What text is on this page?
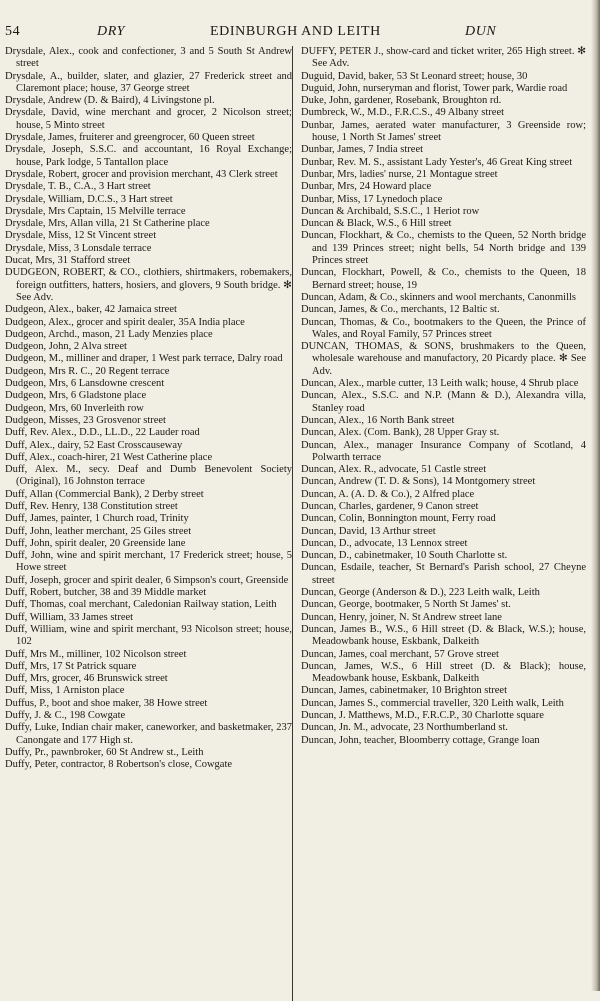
54	DRY	EDINBURGH AND LEITH	DUN

Drysdale, Alex., cook and confectioner, 3 and 5 South St Andrew street

Drysdale, A., builder, slater, and glazier, 27 Frederick street and Claremont place; house, 37 George street

Drysdale, Andrew (D. & Baird), 4 Livingstone pl.

Drysdale, David, wine merchant and grocer, 2 Nicolson street; house, 5 Minto street

Drysdale, James, fruiterer and greengrocer, 60 Queen street

Drysdale, Joseph, S.S.C. and accountant, 16 Royal Exchange; house, Park lodge, 5 Tantallon place

Drysdale, Robert, grocer and provision merchant, 43 Clerk street

Drysdale, T. B., C.A., 3 Hart street

Drysdale, William, D.C.S., 3 Hart street

Drysdale, Mrs Captain, 15 Melville terrace

Drysdale, Mrs, Allan villa, 21 St Catherine place

Drysdale, Miss, 12 St Vincent street

Drysdale, Miss, 3 Lonsdale terrace

Ducat, Mrs, 31 Stafford street

DUDGEON, ROBERT, & CO., clothiers, shirtmakers, robemakers, foreign outfitters, hatters, hosiers, and glovers, 9 South bridge. ✻ See Adv.

Dudgeon, Alex., baker, 42 Jamaica street

Dudgeon, Alex., grocer and spirit dealer, 35A India place

Dudgeon, Archd., mason, 21 Lady Menzies place

Dudgeon, John, 2 Alva street

Dudgeon, M., milliner and draper, 1 West park terrace, Dalry road

Dudgeon, Mrs R. C., 20 Regent terrace

Dudgeon, Mrs, 6 Lansdowne crescent

Dudgeon, Mrs, 6 Gladstone place

Dudgeon, Mrs, 60 Inverleith row

Dudgeon, Misses, 23 Grosvenor street

Duff, Rev. Alex., D.D., LL.D., 22 Lauder road

Duff, Alex., dairy, 52 East Crosscauseway

Duff, Alex., coach-hirer, 21 West Catherine place

Duff, Alex. M., secy. Deaf and Dumb Benevolent Society (Original), 16 Johnston terrace

Duff, Allan (Commercial Bank), 2 Derby street

Duff, Rev. Henry, 138 Constitution street

Duff, James, painter, 1 Church road, Trinity

Duff, John, leather merchant, 25 Giles street

Duff, John, spirit dealer, 20 Greenside lane

Duff, John, wine and spirit merchant, 17 Frederick street; house, 5 Howe street

Duff, Joseph, grocer and spirit dealer, 6 Simpson's court, Greenside

Duff, Robert, butcher, 38 and 39 Middle market

Duff, Thomas, coal merchant, Caledonian Railway station, Leith

Duff, William, 33 James street

Duff, William, wine and spirit merchant, 93 Nicolson street; house, 102

Duff, Mrs M., milliner, 102 Nicolson street

Duff, Mrs, 17 St Patrick square

Duff, Mrs, grocer, 46 Brunswick street

Duff, Miss, 1 Arniston place

Duffus, P., boot and shoe maker, 38 Howe street

Duffy, J. & C., 198 Cowgate

Duffy, Luke, Indian chair maker, caneworker, and basketmaker, 237 Canongate and 177 High st.

Duffy, Pr., pawnbroker, 60 St Andrew st., Leith

Duffy, Peter, contractor, 8 Robertson's close, Cowgate

DUFFY, PETER J., show-card and ticket writer, 265 High street. ✻ See Adv.

Duguid, David, baker, 53 St Leonard street; house, 30

Duguid, John, nurseryman and florist, Tower park, Wardie road

Duke, John, gardener, Rosebank, Broughton rd.

Dumbreck, W., M.D., F.R.C.S., 49 Albany street

Dunbar, James, aerated water manufacturer, 3 Greenside row; house, 1 North St James' street

Dunbar, James, 7 India street

Dunbar, Rev. M. S., assistant Lady Yester's, 46 Great King street

Dunbar, Mrs, ladies' nurse, 21 Montague street

Dunbar, Mrs, 24 Howard place

Dunbar, Miss, 17 Lynedoch place

Duncan & Archibald, S.S.C., 1 Heriot row

Duncan & Black, W.S., 6 Hill street

Duncan, Flockhart, & Co., chemists to the Queen, 52 North bridge and 139 Princes street; night bells, 54 North bridge and 139 Princes street

Duncan, Flockhart, Powell, & Co., chemists to the Queen, 18 Bernard street; house, 19

Duncan, Adam, & Co., skinners and wool merchants, Canonmills

Duncan, James, & Co., merchants, 12 Baltic st.

Duncan, Thomas, & Co., bootmakers to the Queen, the Prince of Wales, and Royal Family, 57 Princes street

DUNCAN, THOMAS, & SONS, brushmakers to the Queen, wholesale warehouse and manufactory, 20 Picardy place. ✻ See Adv.

Duncan, Alex., marble cutter, 13 Leith walk; house, 4 Shrub place

Duncan, Alex., S.S.C. and N.P. (Mann & D.), Alexandra villa, Stanley road

Duncan, Alex., 16 North Bank street

Duncan, Alex. (Com. Bank), 28 Upper Gray st.

Duncan, Alex., manager Insurance Company of Scotland, 4 Polwarth terrace

Duncan, Alex. R., advocate, 51 Castle street

Duncan, Andrew (T. D. & Sons), 14 Montgomery street

Duncan, A. (A. D. & Co.), 2 Alfred place

Duncan, Charles, gardener, 9 Canon street

Duncan, Colin, Bonnington mount, Ferry road

Duncan, David, 13 Arthur street

Duncan, D., advocate, 13 Lennox street

Duncan, D., cabinetmaker, 10 South Charlotte st.

Duncan, Esdaile, teacher, St Bernard's Parish school, 27 Cheyne street

Duncan, George (Anderson & D.), 223 Leith walk, Leith

Duncan, George, bootmaker, 5 North St James' st.

Duncan, Henry, joiner, N. St Andrew street lane

Duncan, James B., W.S., 6 Hill street (D. & Black, W.S.); house, Meadowbank house, Eskbank, Dalkeith

Duncan, James, coal merchant, 57 Grove street

Duncan, James, W.S., 6 Hill street (D. & Black); house, Meadowbank house, Eskbank, Dalkeith

Duncan, James, cabinetmaker, 10 Brighton street

Duncan, James S., commercial traveller, 320 Leith walk, Leith

Duncan, J. Matthews, M.D., F.R.C.P., 30 Charlotte square

Duncan, Jn. M., advocate, 23 Northumberland st.

Duncan, John, teacher, Bloomberry cottage, Grange loan
